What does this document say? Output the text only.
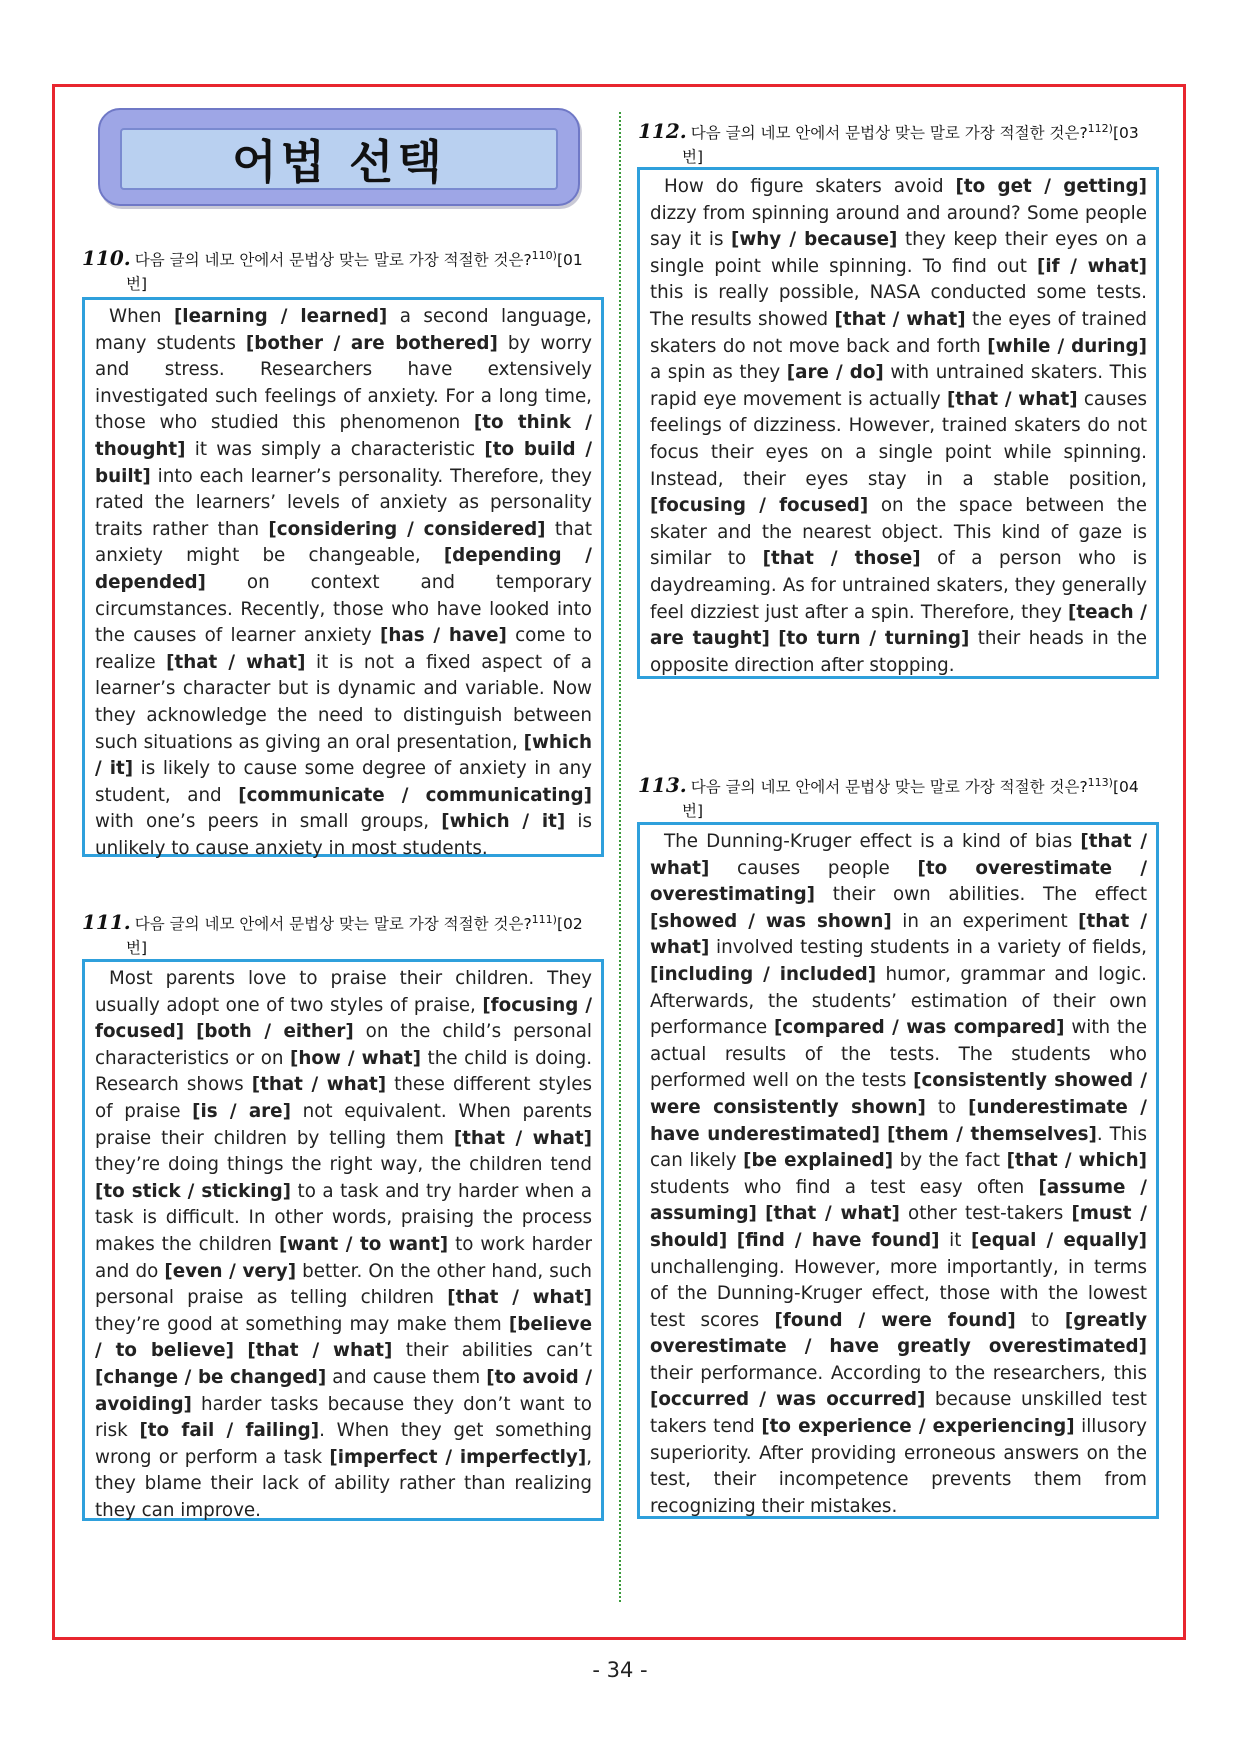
어법 선택
110. 다음 글의 네모 안에서 문법상 맞는 말로 가장 적절한 것은?$^{110)}$[01
번]

When [learning / learned] a second language, many students [bother / are bothered] by worry and stress. Researchers have extensively investigated such feelings of anxiety. For a long time, those who studied this phenomenon [to think / thought] it was simply a characteristic [to build / built] into each learner’s personality. Therefore, they rated the learners’ levels of anxiety as personality traits rather than [considering / considered] that anxiety might be changeable, [depending / depended] on context and temporary circumstances. Recently, those who have looked into the causes of learner anxiety [has / have] come to realize [that / what] it is not a fixed aspect of a learner’s character but is dynamic and variable. Now they acknowledge the need to distinguish between such situations as giving an oral presentation, [which / it] is likely to cause some degree of anxiety in any student, and [communicate / communicating] with one’s peers in small groups, [which / it] is unlikely to cause anxiety in most students.

111. 다음 글의 네모 안에서 문법상 맞는 말로 가장 적절한 것은?$^{111)}$[02
번]

Most parents love to praise their children. They usually adopt one of two styles of praise, [focusing / focused] [both / either] on the child’s personal characteristics or on [how / what] the child is doing. Research shows [that / what] these different styles of praise [is / are] not equivalent. When parents praise their children by telling them [that / what] they’re doing things the right way, the children tend [to stick / sticking] to a task and try harder when a task is difficult. In other words, praising the process makes the children [want / to want] to work harder and do [even / very] better. On the other hand, such personal praise as telling children [that / what] they’re good at something may make them [believe / to believe] [that / what] their abilities can’t [change / be changed] and cause them [to avoid / avoiding] harder tasks because they don’t want to risk [to fail / failing]. When they get something wrong or perform a task [imperfect / imperfectly], they blame their lack of ability rather than realizing they can improve.

112. 다음 글의 네모 안에서 문법상 맞는 말로 가장 적절한 것은?$^{112)}$[03
번]

How do figure skaters avoid [to get / getting] dizzy from spinning around and around? Some people say it is [why / because] they keep their eyes on a single point while spinning. To find out [if / what] this is really possible, NASA conducted some tests. The results showed [that / what] the eyes of trained skaters do not move back and forth [while / during] a spin as they [are / do] with untrained skaters. This rapid eye movement is actually [that / what] causes feelings of dizziness. However, trained skaters do not focus their eyes on a single point while spinning. Instead, their eyes stay in a stable position, [focusing / focused] on the space between the skater and the nearest object. This kind of gaze is similar to [that / those] of a person who is daydreaming. As for untrained skaters, they generally feel dizziest just after a spin. Therefore, they [teach / are taught] [to turn / turning] their heads in the opposite direction after stopping.

113. 다음 글의 네모 안에서 문법상 맞는 말로 가장 적절한 것은?$^{113)}$[04
번]

The Dunning-Kruger effect is a kind of bias [that / what] causes people [to overestimate / overestimating] their own abilities. The effect [showed / was shown] in an experiment [that / what] involved testing students in a variety of fields, [including / included] humor, grammar and logic. Afterwards, the students’ estimation of their own performance [compared / was compared] with the actual results of the tests. The students who performed well on the tests [consistently showed / were consistently shown] to [underestimate / have underestimated] [them / themselves]. This can likely [be explained] by the fact [that / which] students who find a test easy often [assume / assuming] [that / what] other test-takers [must / should] [find / have found] it [equal / equally] unchallenging. However, more importantly, in terms of the Dunning-Kruger effect, those with the lowest test scores [found / were found] to [greatly overestimate / have greatly overestimated] their performance. According to the researchers, this [occurred / was occurred] because unskilled test takers tend [to experience / experiencing] illusory superiority. After providing erroneous answers on the test, their incompetence prevents them from recognizing their mistakes.

- 34 -
